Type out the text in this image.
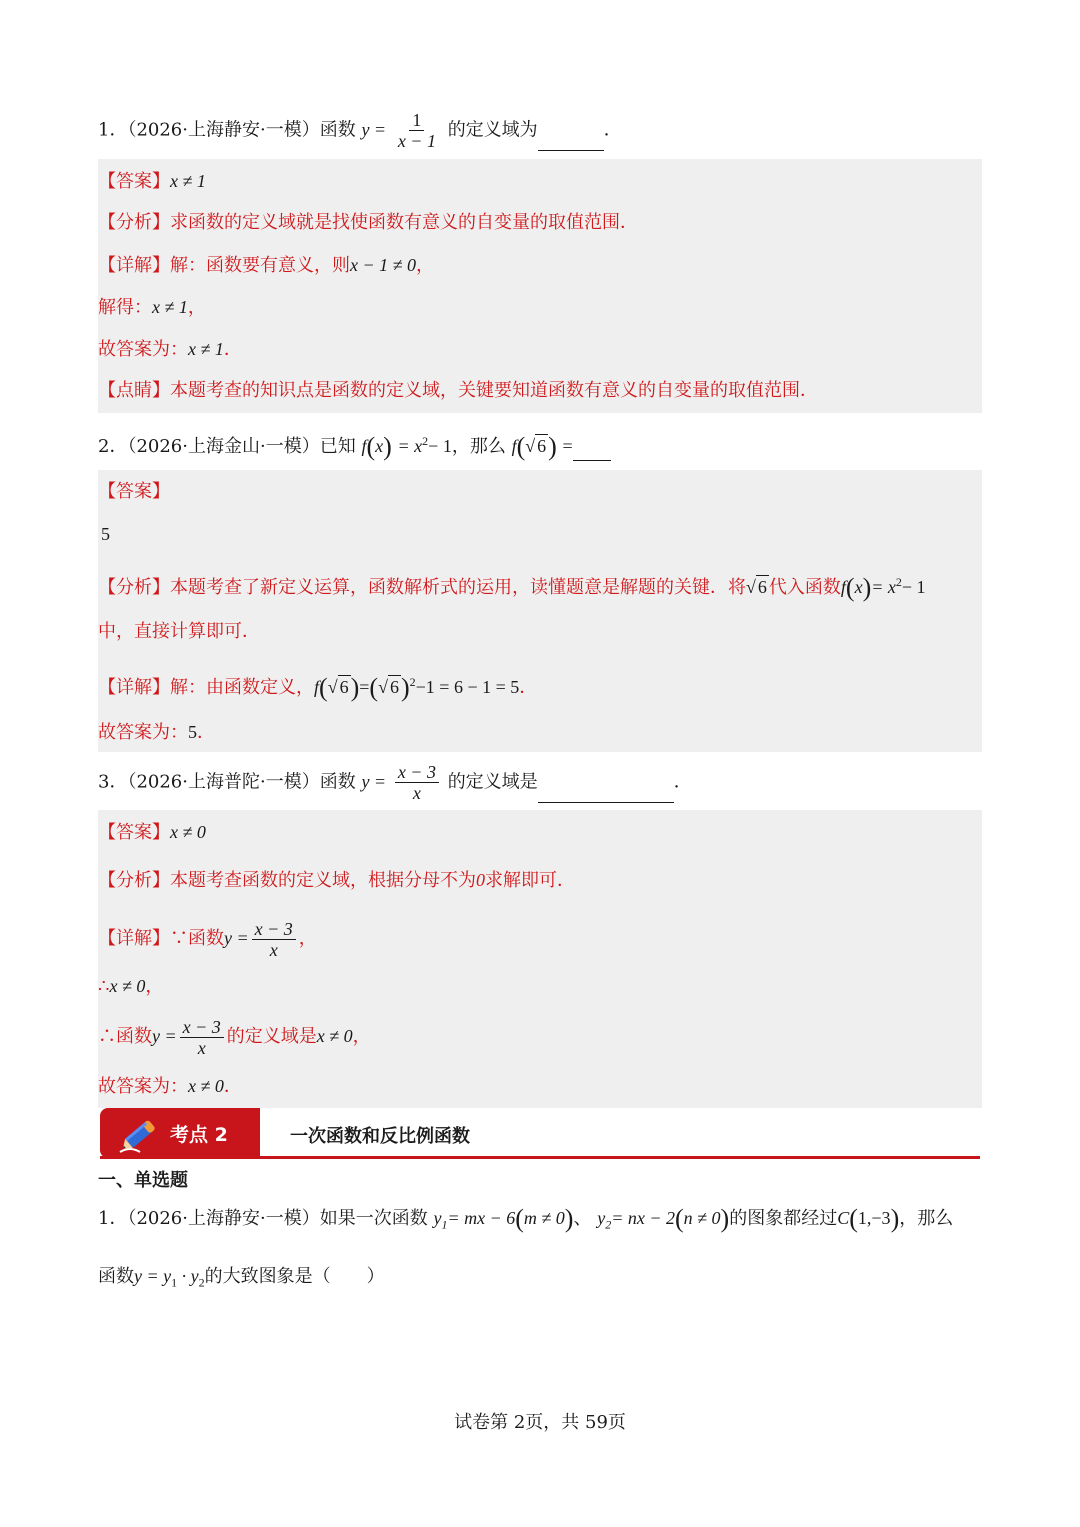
1．（2026·上海静安·一模）函数 $y = \frac{1}{x - 1}$ 的定义域为	．
【答案】x ≠ 1
【分析】求函数的定义域就是找使函数有意义的自变量的取值范围．
【详解】解：函数要有意义，则x − 1 ≠ 0，
解得：x ≠ 1，
故答案为：x ≠ 1．
【点睛】本题考查的知识点是函数的定义域，关键要知道函数有意义的自变量的取值范围．
2．（2026·上海金山·一模）已知 $f(x) = x^2- 1$，那么 f(√ 6) =
【答案】
5
【分析】本题考查了新定义运算，函数解析式的运用，读懂题意是解题的关键．将√ 6 代入函数$f(x)= x^2- 1$
中，直接计算即可．
【详解】解：由函数定义，f(√ 6)=(√ 6)$^2$−1 = 6 − 1 = 5．
故答案为：5．
3．（2026·上海普陀·一模）函数 $y = \frac{x - 3}{x}$ 的定义域是	．
【答案】x ≠ 0
【分析】本题考查函数的定义域，根据分母不为0求解即可．
【详解】∵函数$y = \frac{x - 3}{x}$ ，
∴x ≠ 0，
∴函数$y = \frac{x - 3}{x}$ 的定义域是x ≠ 0，
故答案为：x ≠ 0．
考点 2	一次函数和反比例函数
一、单选题
1．（2026·上海静安·一模）如果一次函数 $y_1=$ mx − 6(m ≠ 0)、 $y_2=$ nx − 2(n ≠ 0)的图象都经过C(1,−3)，那么
函数$y = y_1 \cdot y_2$的大致图象是（　　）
试卷第 2页，共 59页
